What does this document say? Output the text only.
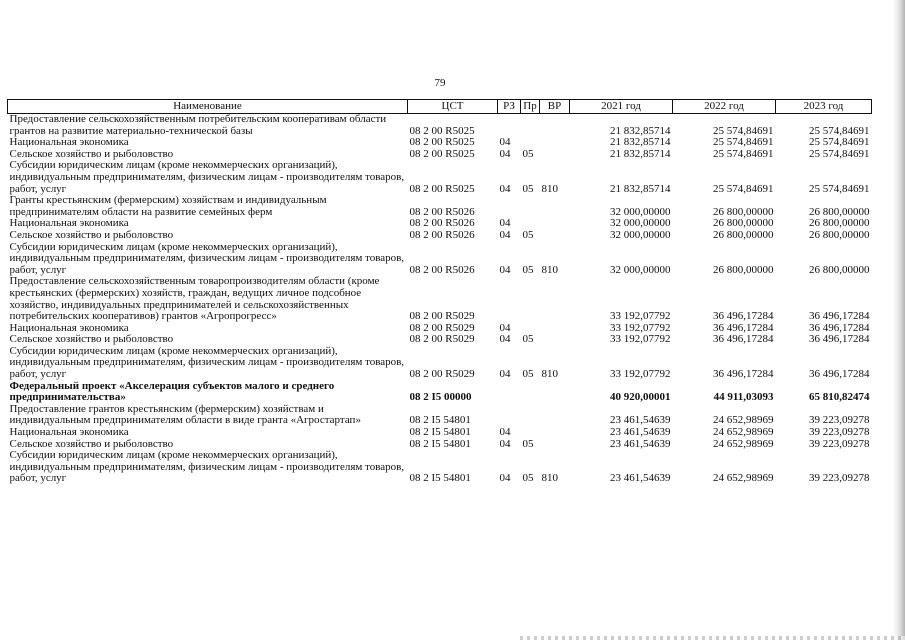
79
Наименование	ЦСТ	РЗ	Пр	ВР	2021 год	2022 год	2023 год
Предоставление сельскохозяйственным потребительским кооперативам области грантов на развитие материально-технической базы	08 2 00 R5025				21 832,85714	25 574,84691	25 574,84691
Национальная экономика	08 2 00 R5025	04			21 832,85714	25 574,84691	25 574,84691
Сельское хозяйство и рыболовство	08 2 00 R5025	04	05		21 832,85714	25 574,84691	25 574,84691
Субсидии юридическим лицам (кроме некоммерческих организаций), индивидуальным предпринимателям, физическим лицам - производителям товаров, работ, услуг	08 2 00 R5025	04	05	810	21 832,85714	25 574,84691	25 574,84691
Гранты крестьянским (фермерским) хозяйствам и индивидуальным предпринимателям области на развитие семейных ферм	08 2 00 R5026				32 000,00000	26 800,00000	26 800,00000
Национальная экономика	08 2 00 R5026	04			32 000,00000	26 800,00000	26 800,00000
Сельское хозяйство и рыболовство	08 2 00 R5026	04	05		32 000,00000	26 800,00000	26 800,00000
Субсидии юридическим лицам (кроме некоммерческих организаций), индивидуальным предпринимателям, физическим лицам - производителям товаров, работ, услуг	08 2 00 R5026	04	05	810	32 000,00000	26 800,00000	26 800,00000
Предоставление сельскохозяйственным товаропроизводителям области (кроме крестьянских (фермерских) хозяйств, граждан, ведущих личное подсобное хозяйство, индивидуальных предпринимателей и сельскохозяйственных потребительских кооперативов) грантов «Агропрогресс»	08 2 00 R5029				33 192,07792	36 496,17284	36 496,17284
Национальная экономика	08 2 00 R5029	04			33 192,07792	36 496,17284	36 496,17284
Сельское хозяйство и рыболовство	08 2 00 R5029	04	05		33 192,07792	36 496,17284	36 496,17284
Субсидии юридическим лицам (кроме некоммерческих организаций), индивидуальным предпринимателям, физическим лицам - производителям товаров, работ, услуг	08 2 00 R5029	04	05	810	33 192,07792	36 496,17284	36 496,17284
Федеральный проект «Акселерация субъектов малого и среднего предпринимательства»	08 2 I5 00000				40 920,00001	44 911,03093	65 810,82474
Предоставление грантов крестьянским (фермерским) хозяйствам и индивидуальным предпринимателям области в виде гранта «Агростартап»	08 2 I5 54801				23 461,54639	24 652,98969	39 223,09278
Национальная экономика	08 2 I5 54801	04			23 461,54639	24 652,98969	39 223,09278
Сельское хозяйство и рыболовство	08 2 I5 54801	04	05		23 461,54639	24 652,98969	39 223,09278
Субсидии юридическим лицам (кроме некоммерческих организаций), индивидуальным предпринимателям, физическим лицам - производителям товаров, работ, услуг	08 2 I5 54801	04	05	810	23 461,54639	24 652,98969	39 223,09278
